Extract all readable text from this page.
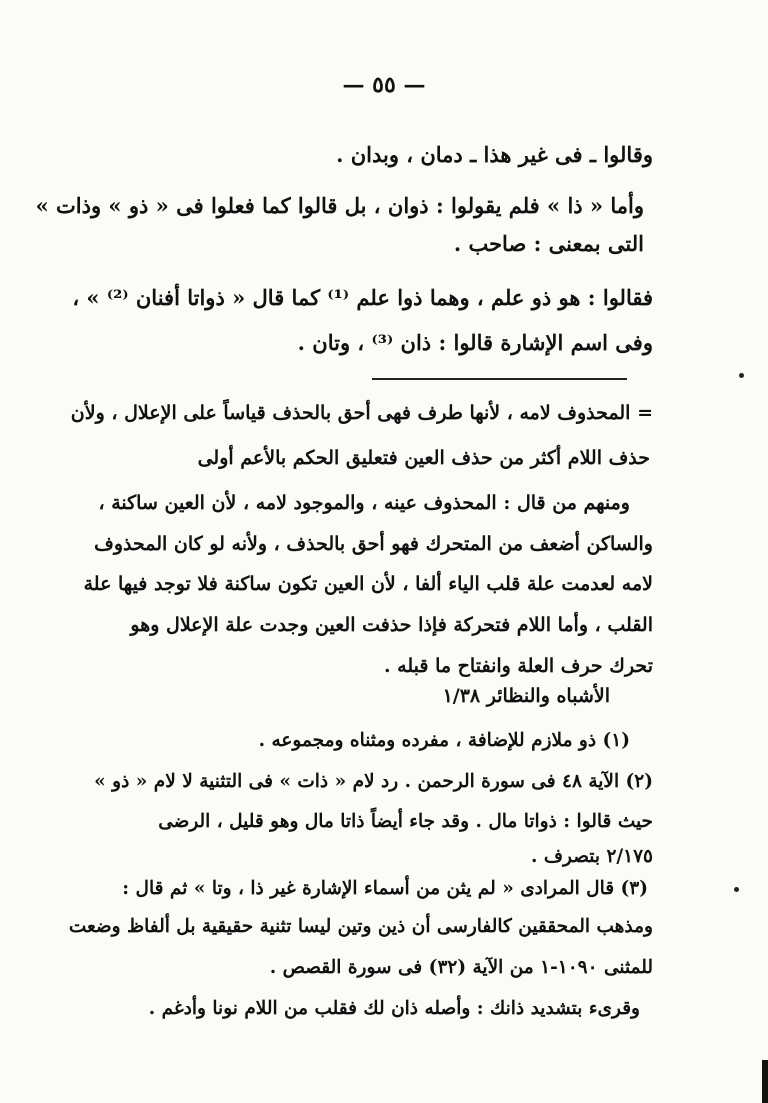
— ٥٥ —
وقالوا ـ فى غير هذا ـ دمان ، وبدان .
وأما « ذا » فلم يقولوا : ذوان ، بل قالوا كما فعلوا فى « ذو » وذات »
التى بمعنى : صاحب .
فقالوا : هو ذو علم ، وهما ذوا علم ⁽¹⁾ كما قال « ذواتا أفنان ⁽²⁾ » ،
وفى اسم الإشارة قالوا : ذان ⁽³⁾ ، وتان .
= المحذوف لامه ، لأنها طرف فهى أحق بالحذف قياساً على الإعلال ، ولأن
حذف اللام أكثر من حذف العين فتعليق الحكم بالأعم أولى
ومنهم من قال : المحذوف عينه ، والموجود لامه ، لأن العين ساكنة ،
والساكن أضعف من المتحرك فهو أحق بالحذف ، ولأنه لو كان المحذوف
لامه لعدمت علة قلب الياء ألفا ، لأن العين تكون ساكنة فلا توجد فيها علة
القلب ، وأما اللام فتحركة فإذا حذفت العين وجدت علة الإعلال وهو
تحرك حرف العلة وانفتاح ما قبله .
الأشباه والنظائر ١/٣٨
(١) ذو ملازم للإضافة ، مفرده ومثناه ومجموعه .
(٢) الآية ٤٨ فى سورة الرحمن . رد لام « ذات » فى التثنية لا لام « ذو »
حيث قالوا : ذواتا مال . وقد جاء أيضاً ذاتا مال وهو قليل ، الرضى
٢/١٧٥ بتصرف .
(٣) قال المرادى « لم يثن من أسماء الإشارة غير ذا ، وتا » ثم قال :
ومذهب المحققين كالفارسى أن ذين وتين ليسا تثنية حقيقية بل ألفاظ وضعت
للمثنى ١٠٩٠-١ من الآية (٣٢) فى سورة القصص .
وقرىء بتشديد ذانك : وأصله ذان لك فقلب من اللام نونا وأدغم .
